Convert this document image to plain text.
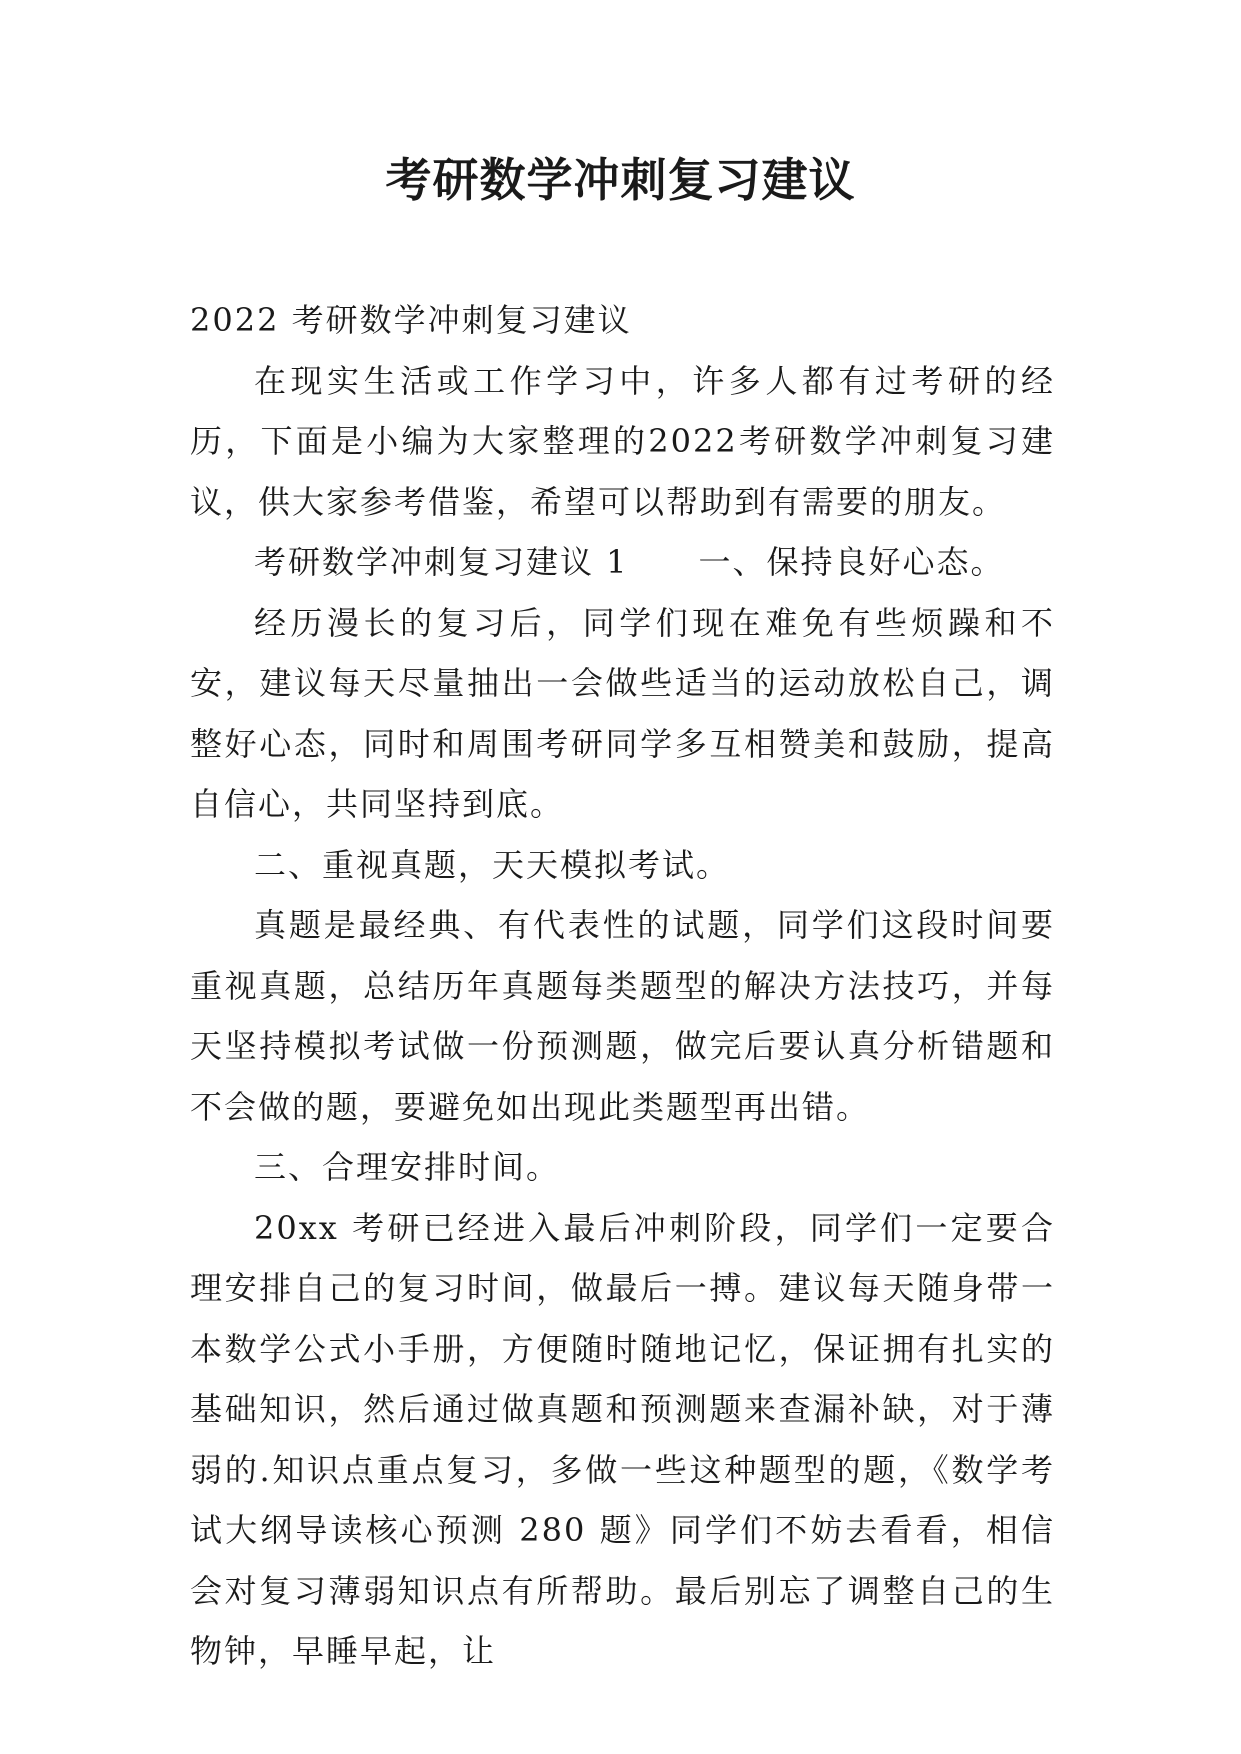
考研数学冲刺复习建议

2022 考研数学冲刺复习建议

在现实生活或工作学习中，许多人都有过考研的经历，下面是小编为大家整理的2022考研数学冲刺复习建议，供大家参考借鉴，希望可以帮助到有需要的朋友。

考研数学冲刺复习建议 1 一、保持良好心态。

经历漫长的复习后，同学们现在难免有些烦躁和不安，建议每天尽量抽出一会做些适当的运动放松自己，调整好心态，同时和周围考研同学多互相赞美和鼓励，提高自信心，共同坚持到底。

二、重视真题，天天模拟考试。

真题是最经典、有代表性的试题，同学们这段时间要重视真题，总结历年真题每类题型的解决方法技巧，并每天坚持模拟考试做一份预测题，做完后要认真分析错题和不会做的题，要避免如出现此类题型再出错。

三、合理安排时间。

20xx 考研已经进入最后冲刺阶段，同学们一定要合理安排自己的复习时间，做最后一搏。建议每天随身带一本数学公式小手册，方便随时随地记忆，保证拥有扎实的基础知识，然后通过做真题和预测题来查漏补缺，对于薄弱的.知识点重点复习，多做一些这种题型的题，《数学考试大纲导读核心预测 280 题》同学们不妨去看看，相信会对复习薄弱知识点有所帮助。最后别忘了调整自己的生物钟，早睡早起，让
